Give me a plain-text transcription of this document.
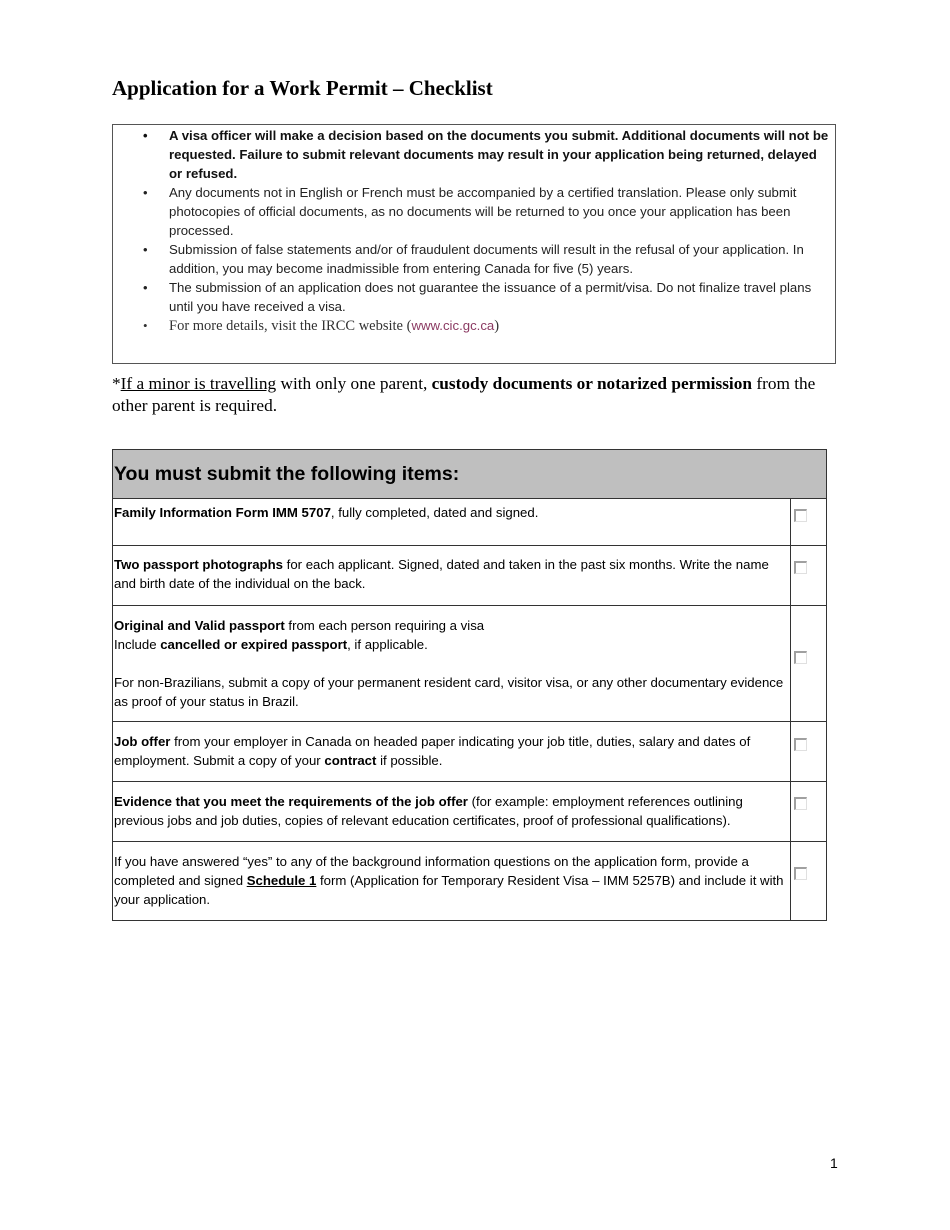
Application for a Work Permit – Checklist
• A visa officer will make a decision based on the documents you submit. Additional documents will not be requested. Failure to submit relevant documents may result in your application being returned, delayed or refused.
• Any documents not in English or French must be accompanied by a certified translation. Please only submit photocopies of official documents, as no documents will be returned to you once your application has been processed.
• Submission of false statements and/or of fraudulent documents will result in the refusal of your application. In addition, you may become inadmissible from entering Canada for five (5) years.
• The submission of an application does not guarantee the issuance of a permit/visa. Do not finalize travel plans until you have received a visa.
• For more details, visit the IRCC website (www.cic.gc.ca)
*If a minor is travelling with only one parent, custody documents or notarized permission from the other parent is required.
You must submit the following items:
Family Information Form IMM 5707, fully completed, dated and signed.
Two passport photographs for each applicant. Signed, dated and taken in the past six months. Write the name and birth date of the individual on the back.
Original and Valid passport from each person requiring a visa
Include cancelled or expired passport, if applicable.
For non-Brazilians, submit a copy of your permanent resident card, visitor visa, or any other documentary evidence as proof of your status in Brazil.
Job offer from your employer in Canada on headed paper indicating your job title, duties, salary and dates of employment. Submit a copy of your contract if possible.
Evidence that you meet the requirements of the job offer (for example: employment references outlining previous jobs and job duties, copies of relevant education certificates, proof of professional qualifications).
If you have answered “yes” to any of the background information questions on the application form, provide a completed and signed Schedule 1 form (Application for Temporary Resident Visa – IMM 5257B) and include it with your application.
1
